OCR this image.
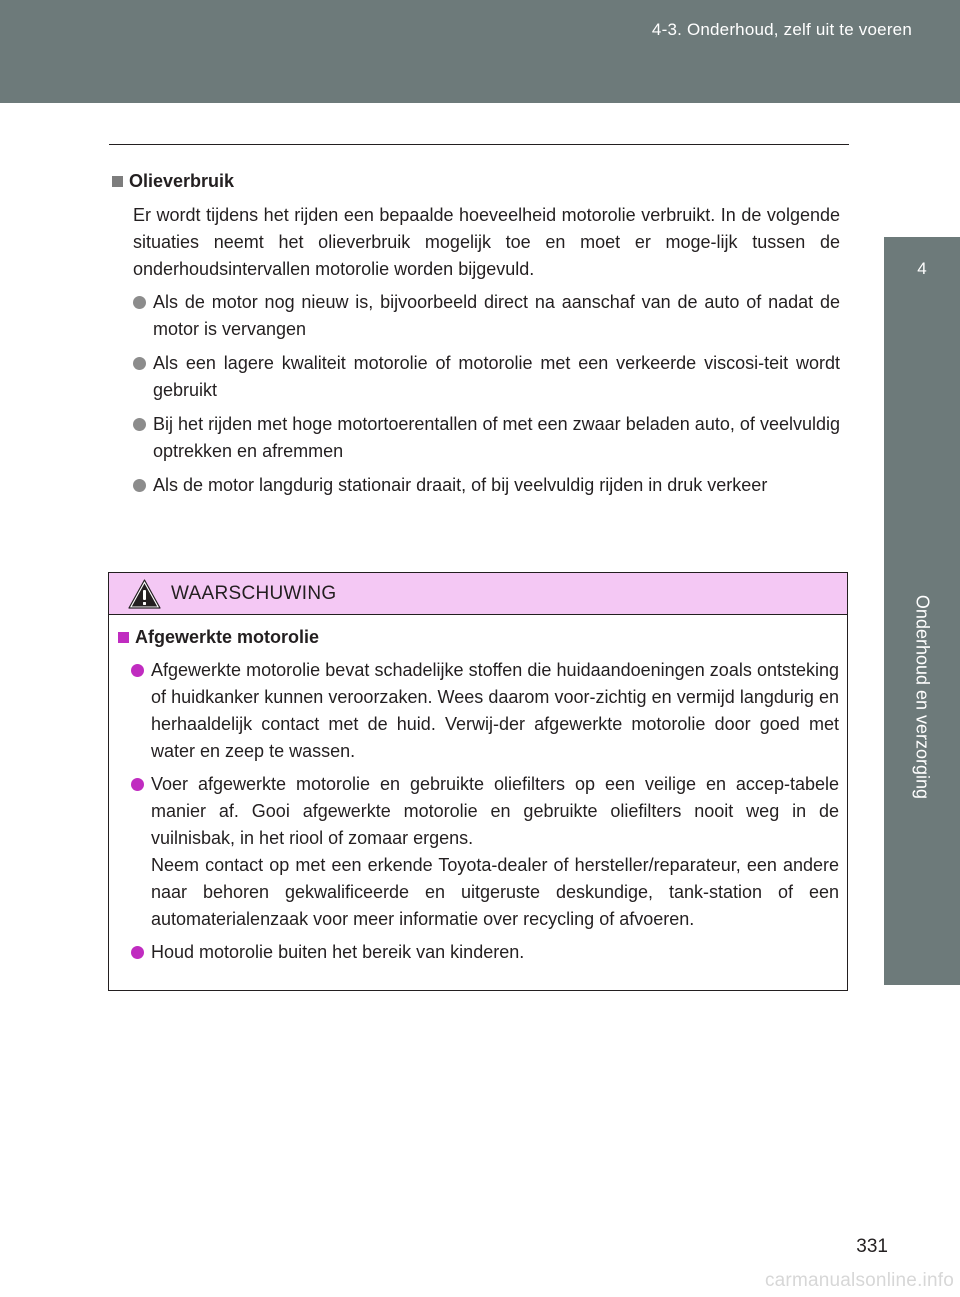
4-3. Onderhoud, zelf uit te voeren
4
Onderhoud en verzorging
Olieverbruik
Er wordt tijdens het rijden een bepaalde hoeveelheid motorolie verbruikt. In de volgende situaties neemt het olieverbruik mogelijk toe en moet er moge-lijk tussen de onderhoudsintervallen motorolie worden bijgevuld.
Als de motor nog nieuw is, bijvoorbeeld direct na aanschaf van de auto of nadat de motor is vervangen
Als een lagere kwaliteit motorolie of motorolie met een verkeerde viscosi-teit wordt gebruikt
Bij het rijden met hoge motortoerentallen of met een zwaar beladen auto, of veelvuldig optrekken en afremmen
Als de motor langdurig stationair draait, of bij veelvuldig rijden in druk verkeer
WAARSCHUWING
Afgewerkte motorolie
Afgewerkte motorolie bevat schadelijke stoffen die huidaandoeningen zoals ontsteking of huidkanker kunnen veroorzaken. Wees daarom voor-zichtig en vermijd langdurig en herhaaldelijk contact met de huid. Verwij-der afgewerkte motorolie door goed met water en zeep te wassen.
Voer afgewerkte motorolie en gebruikte oliefilters op een veilige en accep-tabele manier af. Gooi afgewerkte motorolie en gebruikte oliefilters nooit weg in de vuilnisbak, in het riool of zomaar ergens.
Neem contact op met een erkende Toyota-dealer of hersteller/reparateur, een andere naar behoren gekwalificeerde en uitgeruste deskundige, tank-station of een automaterialenzaak voor meer informatie over recycling of afvoeren.
Houd motorolie buiten het bereik van kinderen.
331
carmanualsonline.info
